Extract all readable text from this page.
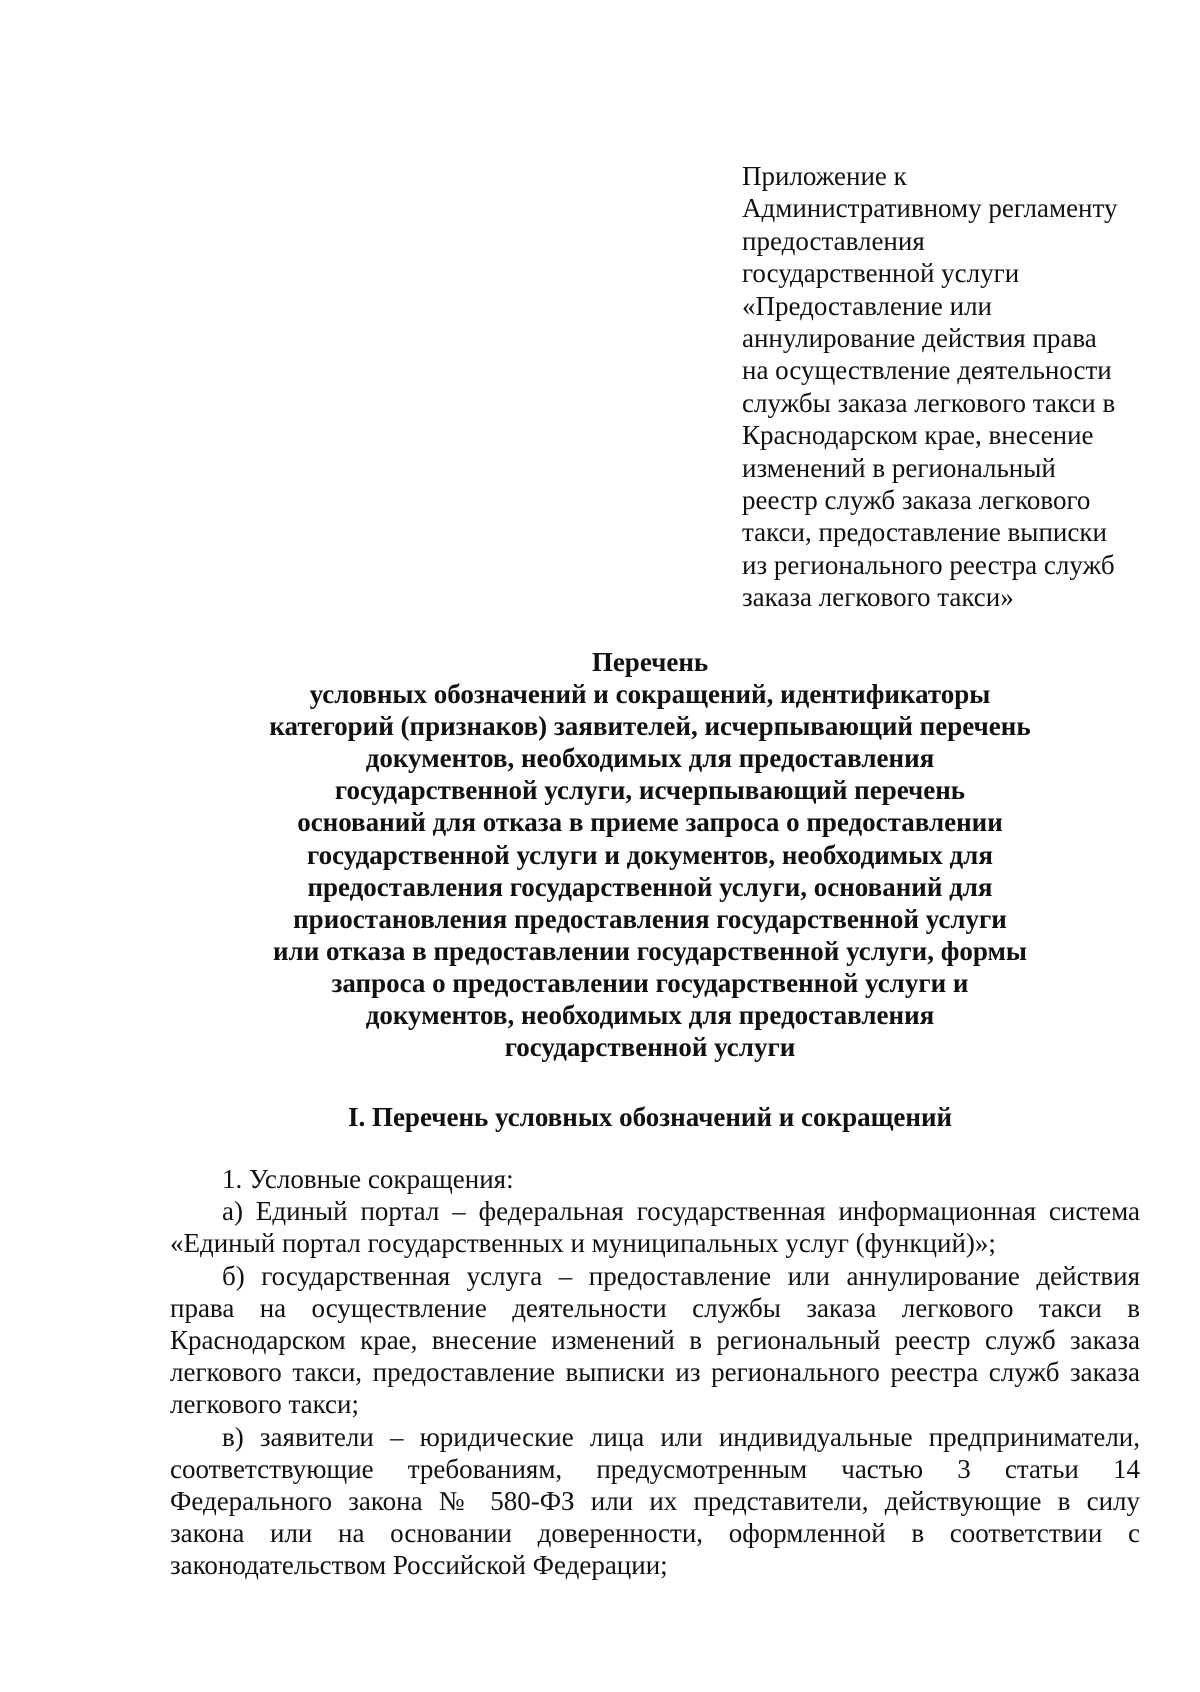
Приложение к
Административному регламенту
предоставления
государственной услуги
«Предоставление или
аннулирование действия права
на осуществление деятельности
службы заказа легкового такси в
Краснодарском крае, внесение
изменений в региональный
реестр служб заказа легкового
такси, предоставление выписки
из регионального реестра служб
заказа легкового такси»
Перечень
условных обозначений и сокращений, идентификаторы
категорий (признаков) заявителей, исчерпывающий перечень
документов, необходимых для предоставления
государственной услуги, исчерпывающий перечень
оснований для отказа в приеме запроса о предоставлении
государственной услуги и документов, необходимых для
предоставления государственной услуги, оснований для
приостановления предоставления государственной услуги
или отказа в предоставлении государственной услуги, формы
запроса о предоставлении государственной услуги и
документов, необходимых для предоставления
государственной услуги
I. Перечень условных обозначений и сокращений
1. Условные сокращения:
а) Единый портал – федеральная государственная информационная система
«Единый портал государственных и муниципальных услуг (функций)»;
б) государственная услуга – предоставление или аннулирование действия
права на осуществление деятельности службы заказа легкового такси в
Краснодарском крае, внесение изменений в региональный реестр служб заказа
легкового такси, предоставление выписки из регионального реестра служб заказа
легкового такси;
в) заявители – юридические лица или индивидуальные предприниматели,
соответствующие требованиям, предусмотренным частью 3 статьи 14
Федерального закона № 580-ФЗ или их представители, действующие в силу
закона или на основании доверенности, оформленной в соответствии с
законодательством Российской Федерации;
